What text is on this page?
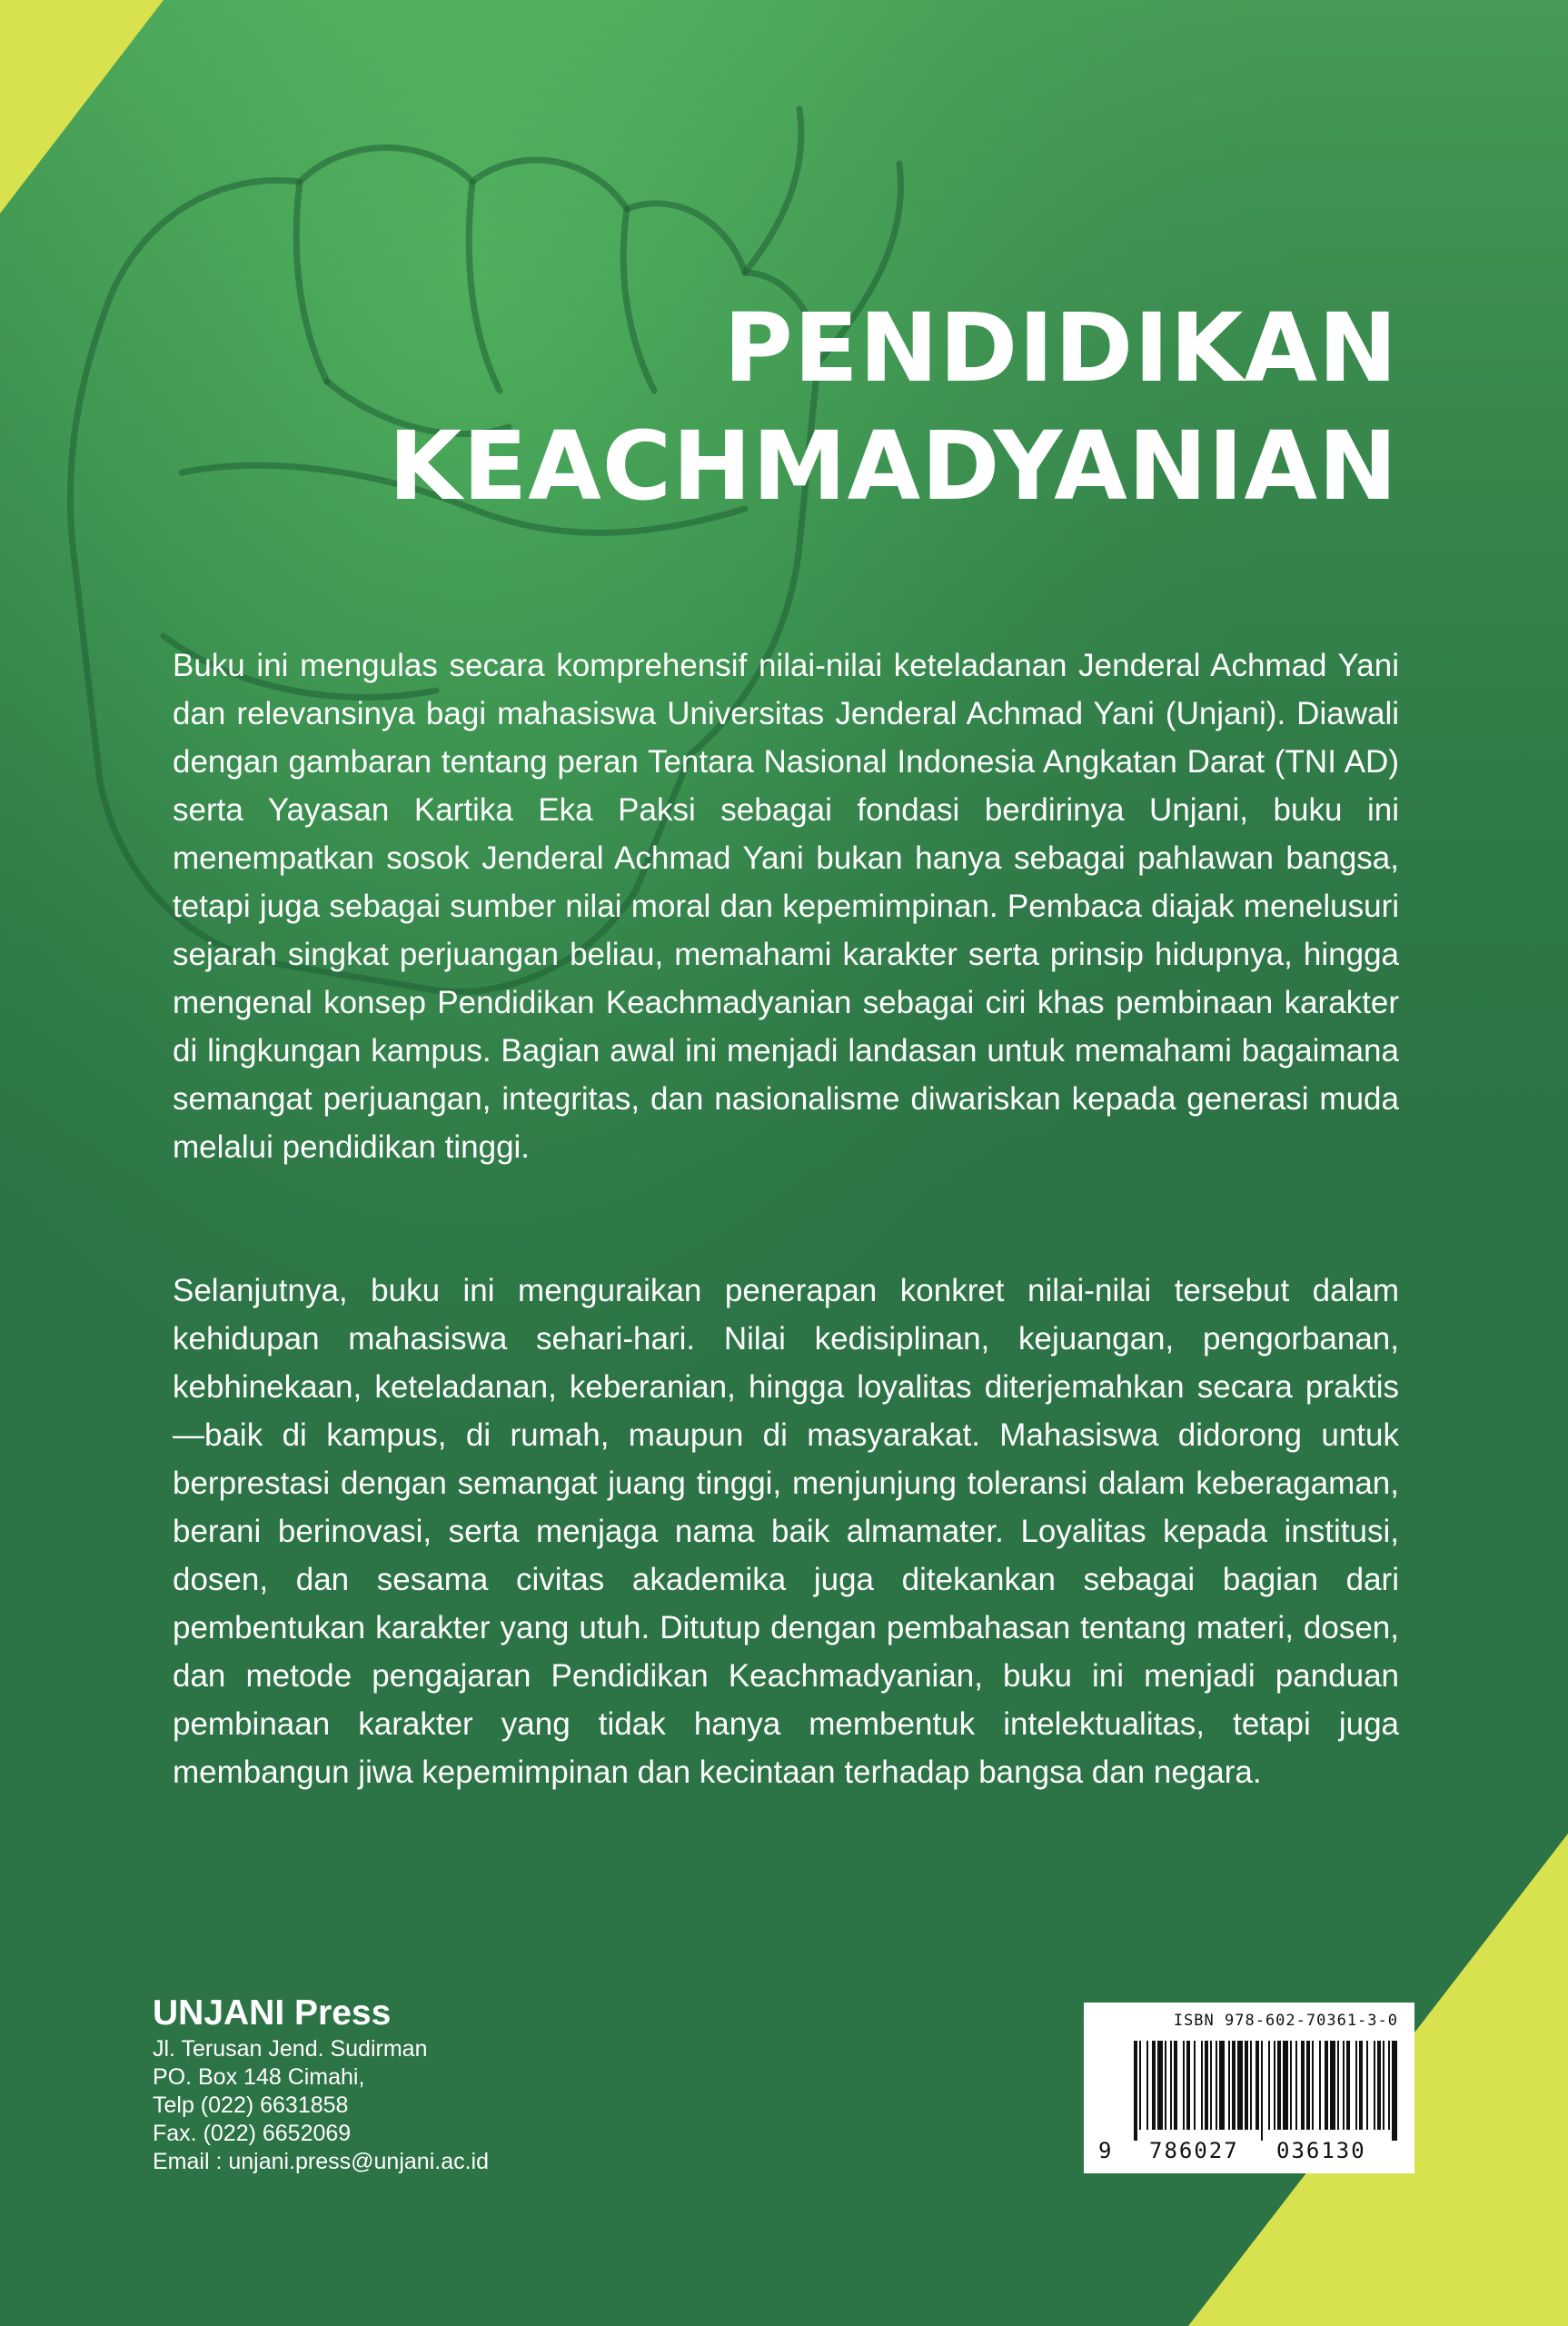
PENDIDIKAN
KEACHMADYANIAN

Buku ini mengulas secara komprehensif nilai-nilai keteladanan Jenderal Achmad Yani dan relevansinya bagi mahasiswa Universitas Jenderal Achmad Yani (Unjani). Diawali dengan gambaran tentang peran Tentara Nasional Indonesia Angkatan Darat (TNI AD) serta Yayasan Kartika Eka Paksi sebagai fondasi berdirinya Unjani, buku ini menempatkan sosok Jenderal Achmad Yani bukan hanya sebagai pahlawan bangsa, tetapi juga sebagai sumber nilai moral dan kepemimpinan. Pembaca diajak menelusuri sejarah singkat perjuangan beliau, memahami karakter serta prinsip hidupnya, hingga mengenal konsep Pendidikan Keachmadyanian sebagai ciri khas pembinaan karakter di lingkungan kampus. Bagian awal ini menjadi landasan untuk memahami bagaimana semangat perjuangan, integritas, dan nasionalisme diwariskan kepada generasi muda melalui pendidikan tinggi.

Selanjutnya, buku ini menguraikan penerapan konkret nilai-nilai tersebut dalam kehidupan mahasiswa sehari-hari. Nilai kedisiplinan, kejuangan, pengorbanan, kebhinekaan, keteladanan, keberanian, hingga loyalitas diterjemahkan secara praktis—baik di kampus, di rumah, maupun di masyarakat. Mahasiswa didorong untuk berprestasi dengan semangat juang tinggi, menjunjung toleransi dalam keberagaman, berani berinovasi, serta menjaga nama baik almamater. Loyalitas kepada institusi, dosen, dan sesama civitas akademika juga ditekankan sebagai bagian dari pembentukan karakter yang utuh. Ditutup dengan pembahasan tentang materi, dosen, dan metode pengajaran Pendidikan Keachmadyanian, buku ini menjadi panduan pembinaan karakter yang tidak hanya membentuk intelektualitas, tetapi juga membangun jiwa kepemimpinan dan kecintaan terhadap bangsa dan negara.

UNJANI Press
Jl. Terusan Jend. Sudirman
PO. Box 148 Cimahi,
Telp (022) 6631858
Fax. (022) 6652069
Email : unjani.press@unjani.ac.id
ISBN 978-602-70361-3-0
9 786027 036130
